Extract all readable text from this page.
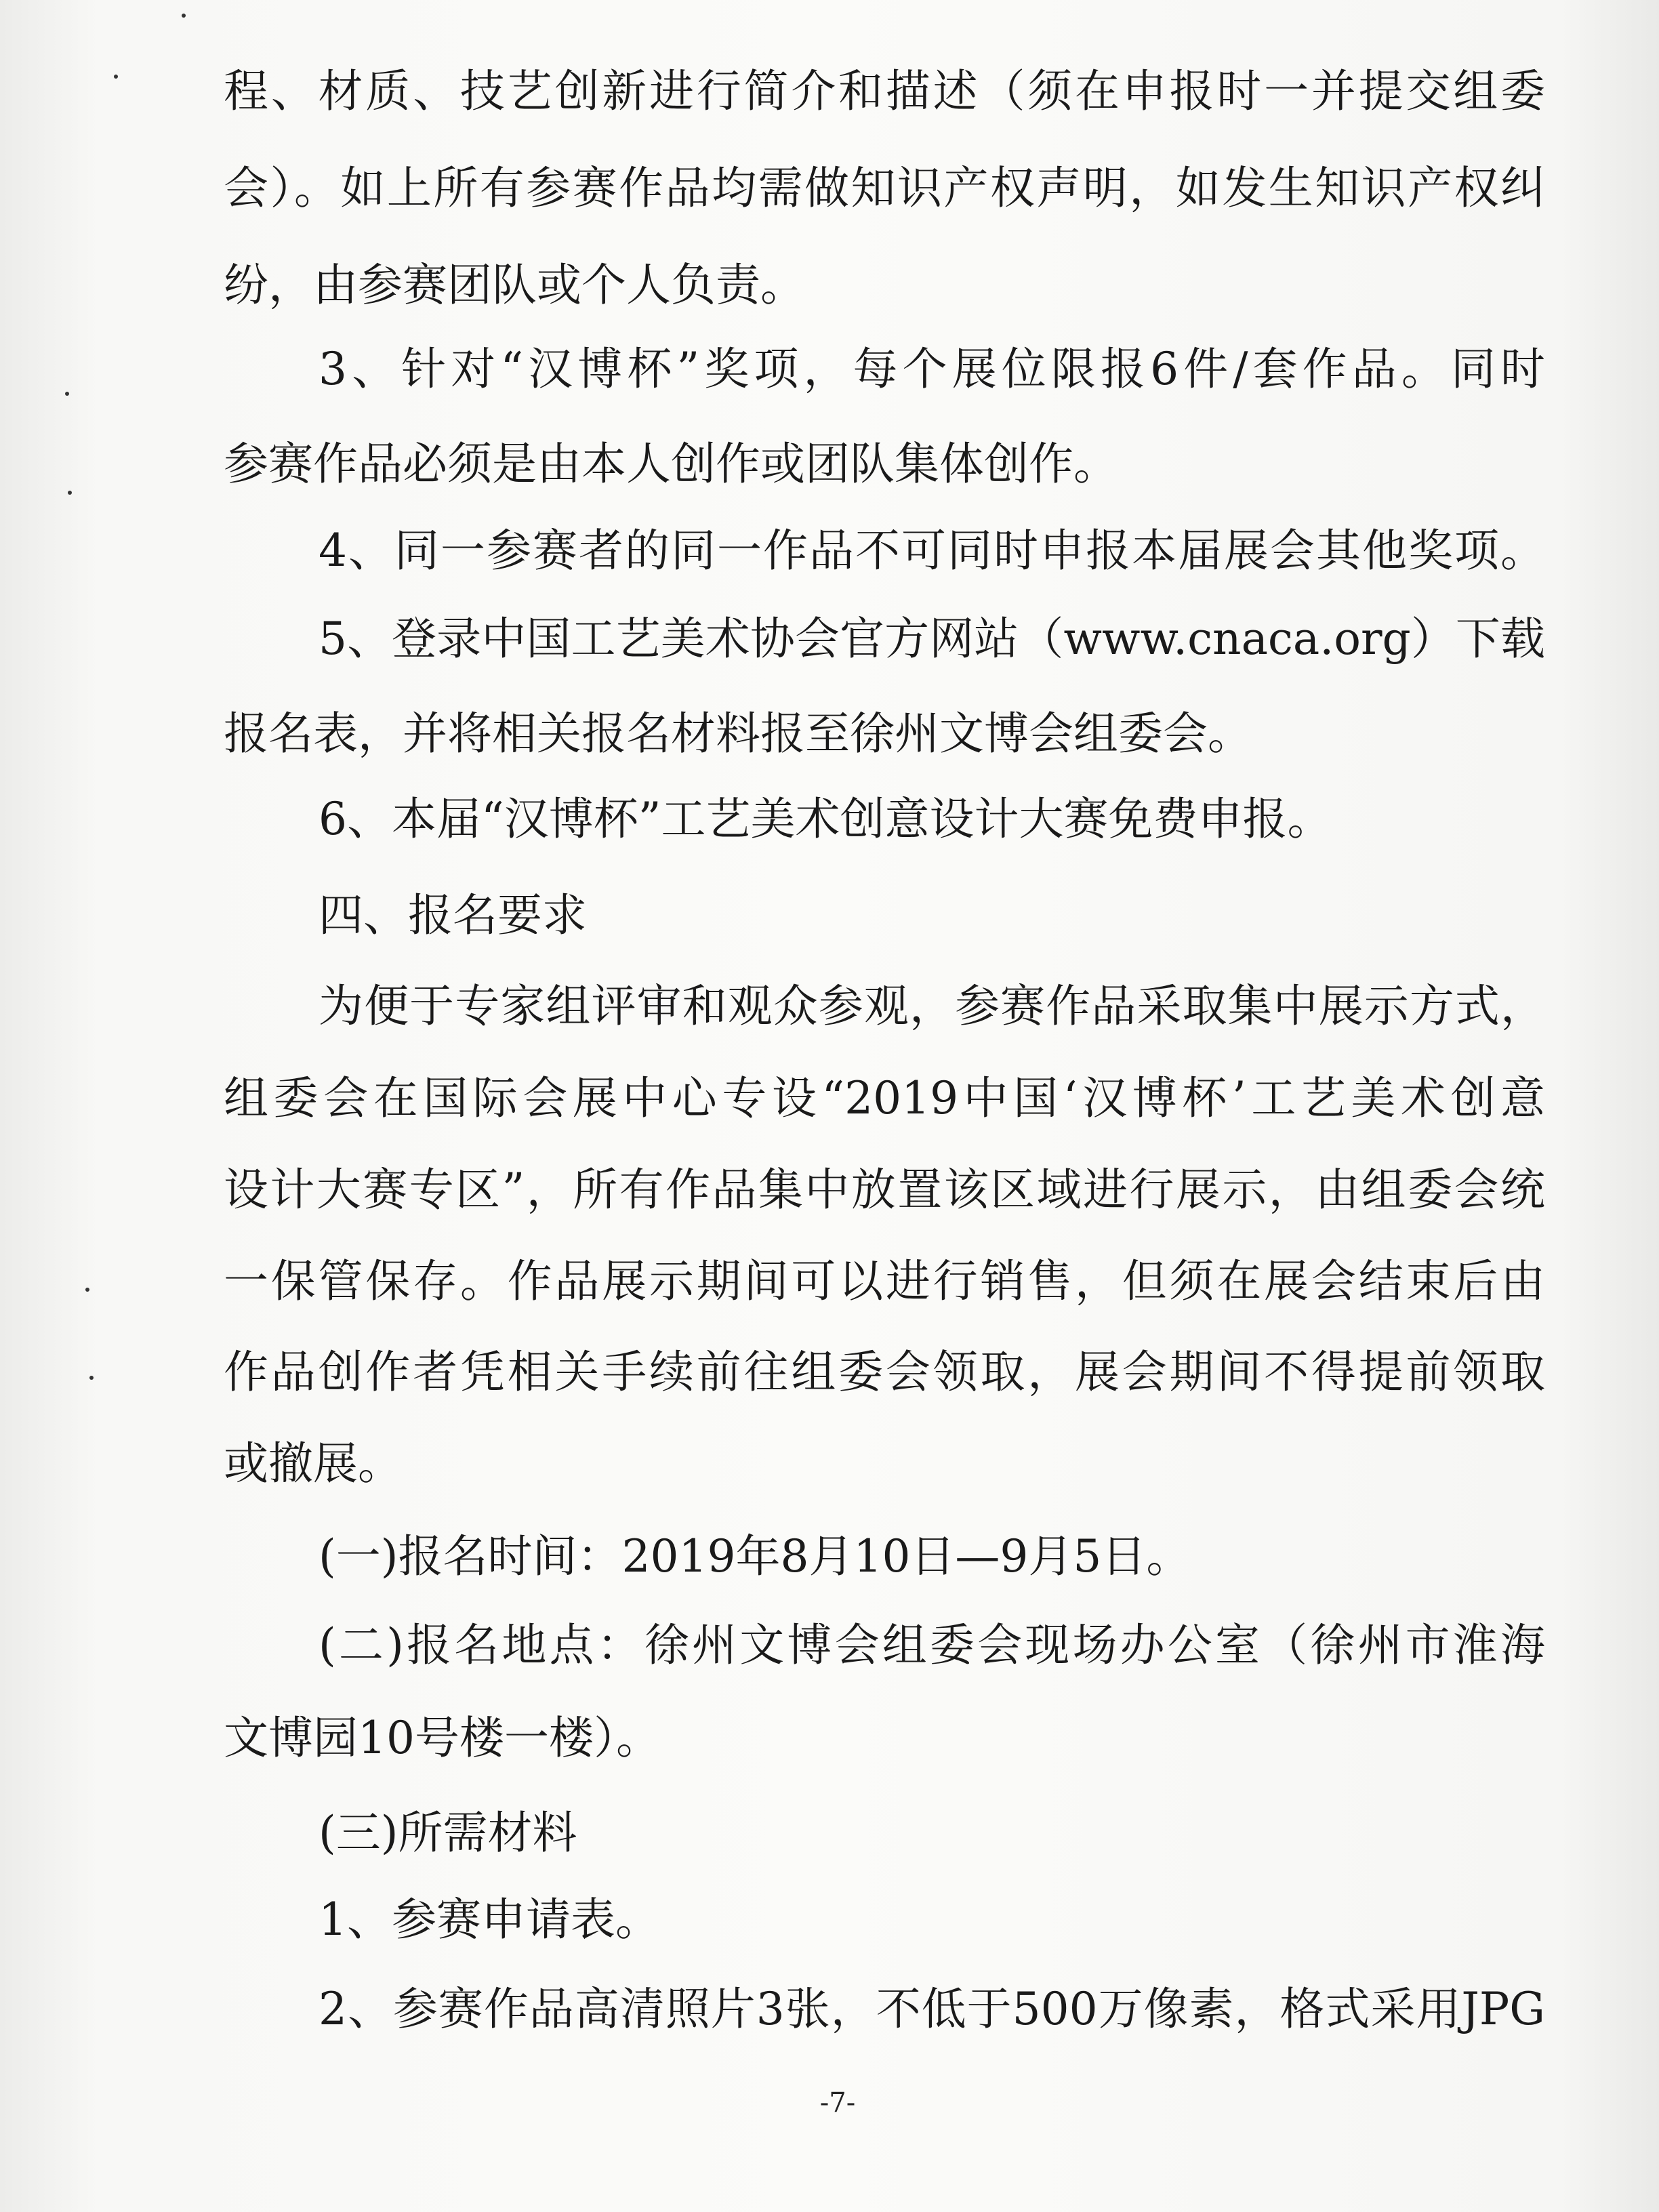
程、材质、技艺创新进行简介和描述（须在申报时一并提交组委
会）。如上所有参赛作品均需做知识产权声明，如发生知识产权纠
纷，由参赛团队或个人负责。
3、针对“汉博杯”奖项，每个展位限报6件/套作品。同时
参赛作品必须是由本人创作或团队集体创作。
4、同一参赛者的同一作品不可同时申报本届展会其他奖项。
5、登录中国工艺美术协会官方网站（www.cnaca.org）下载
报名表，并将相关报名材料报至徐州文博会组委会。
6、本届“汉博杯”工艺美术创意设计大赛免费申报。
四、报名要求
为便于专家组评审和观众参观，参赛作品采取集中展示方式，
组委会在国际会展中心专设“2019中国‘汉博杯’工艺美术创意
设计大赛专区”，所有作品集中放置该区域进行展示，由组委会统
一保管保存。作品展示期间可以进行销售，但须在展会结束后由
作品创作者凭相关手续前往组委会领取，展会期间不得提前领取
或撤展。
(一)报名时间：2019年8月10日—9月5日。
(二)报名地点：徐州文博会组委会现场办公室（徐州市淮海
文博园10号楼一楼）。
(三)所需材料
1、参赛申请表。
2、参赛作品高清照片3张，不低于500万像素，格式采用JPG
-7-
